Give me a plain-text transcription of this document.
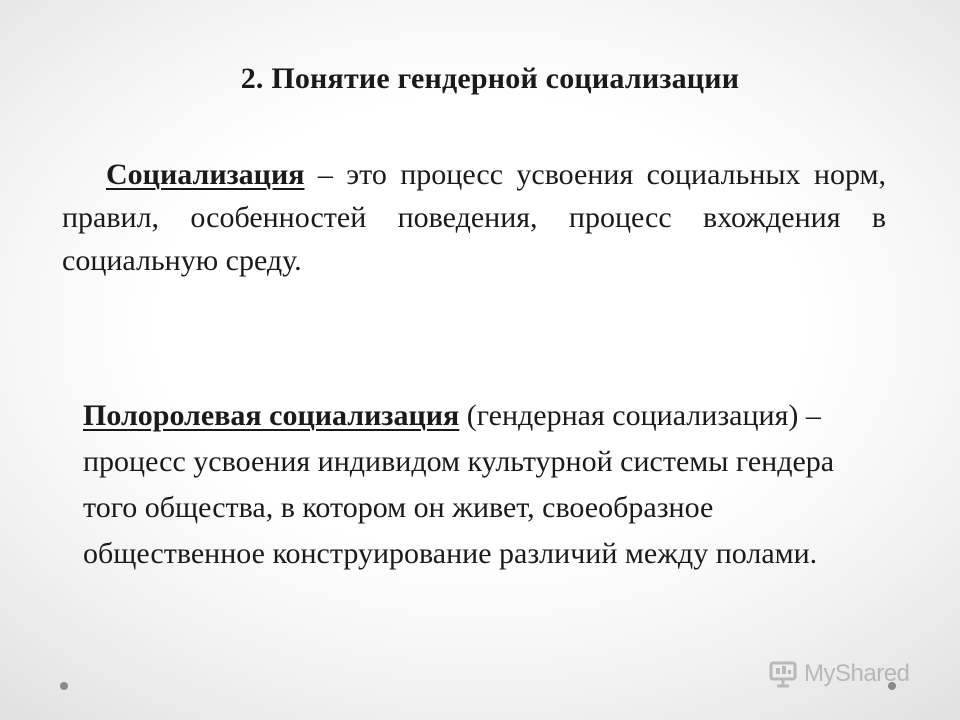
2. Понятие гендерной социализации

Социализация – это процесс усвоения социальных норм, правил, особенностей поведения, процесс вхождения в социальную среду.

Полоролевая социализация (гендерная социализация) – процесс усвоения индивидом культурной системы гендера того общества, в котором он живет, своеобразное общественное конструирование различий между полами.

MyShared
